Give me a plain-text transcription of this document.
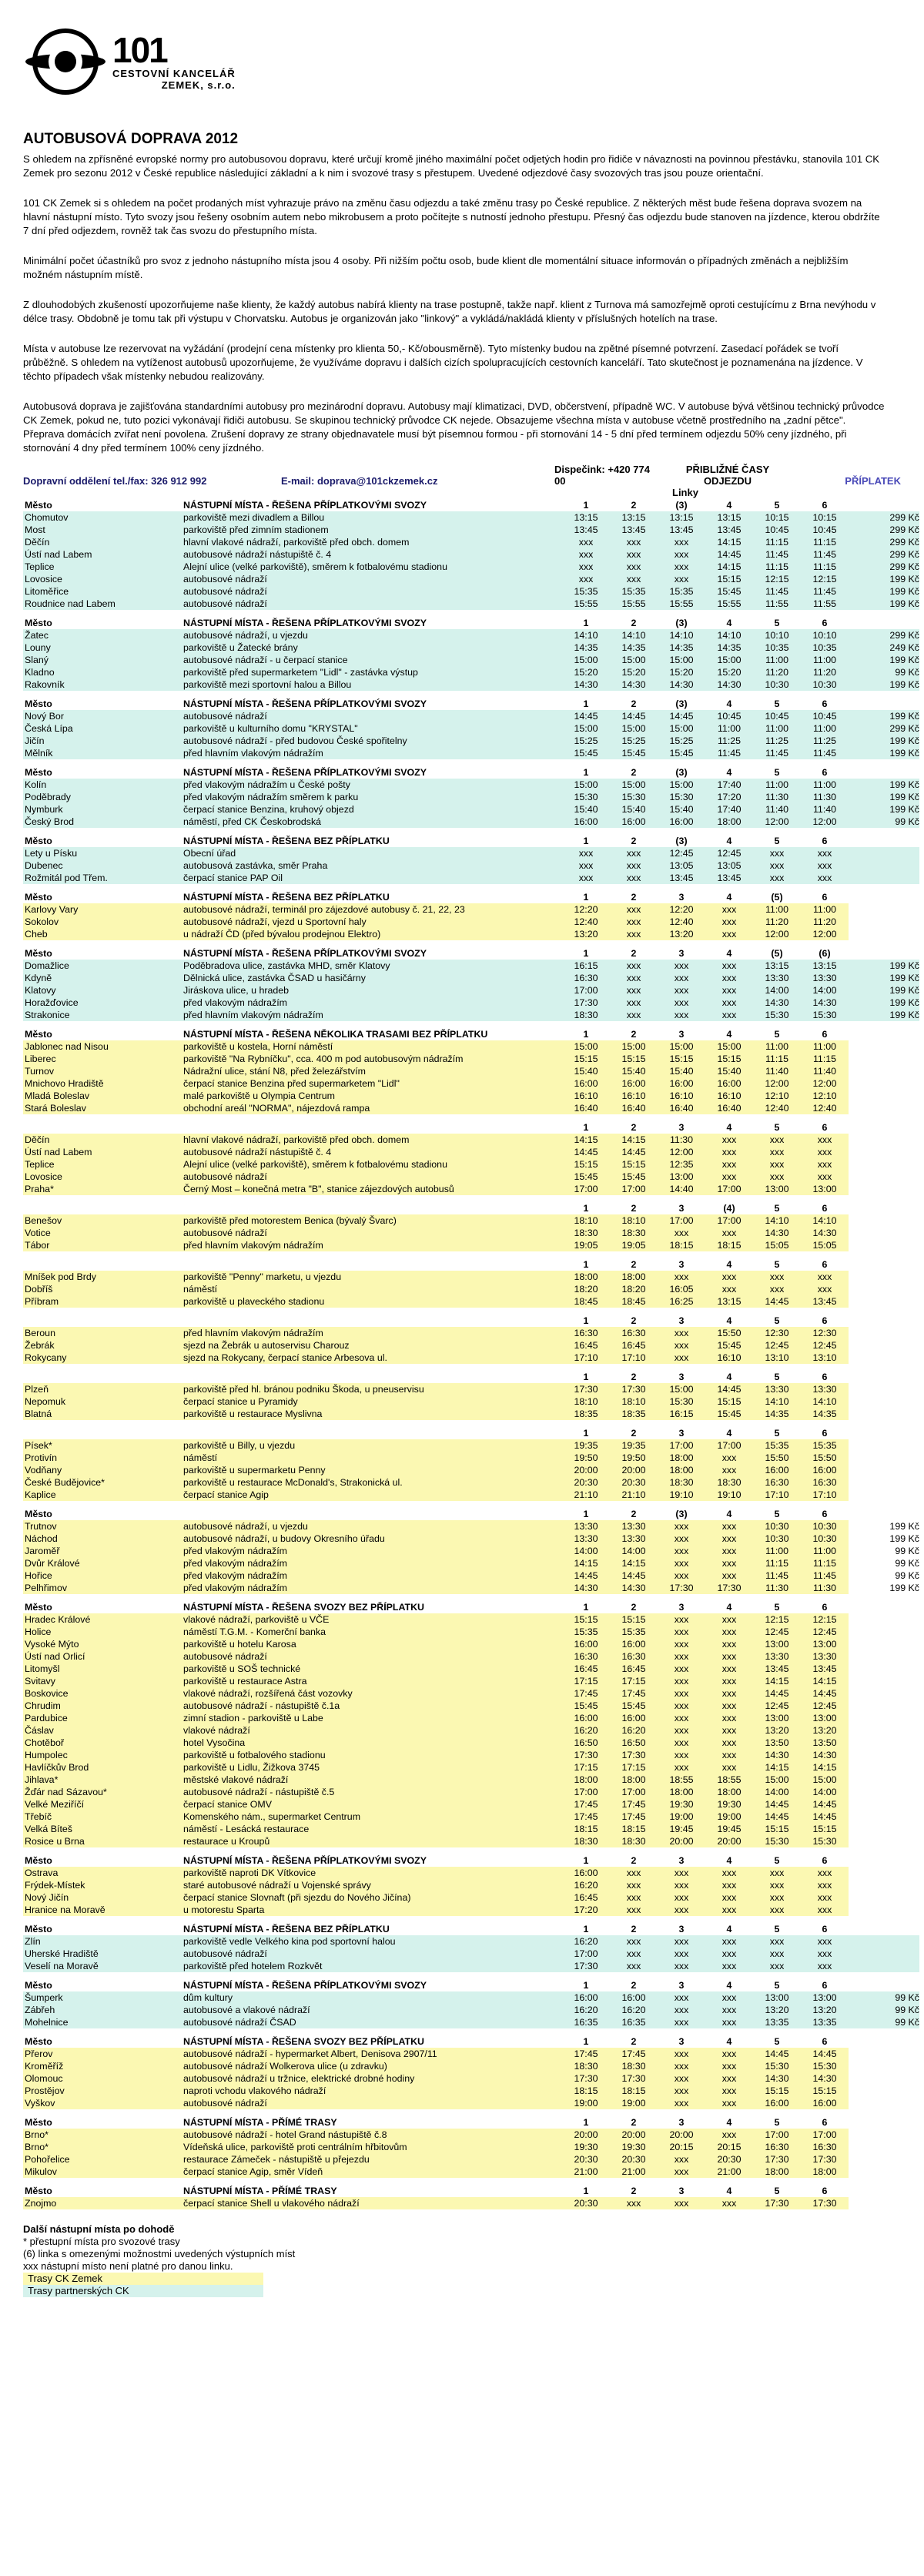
101
CESTOVNÍ KANCELÁŘ
ZEMEK, s.r.o.
AUTOBUSOVÁ DOPRAVA 2012

S ohledem na zpřísněné evropské normy pro autobusovou dopravu, které určují kromě jiného maximální počet odjetých hodin pro řidiče v návaznosti na povinnou přestávku, stanovila 101 CK Zemek pro sezonu 2012 v České republice následující základní a k nim i svozové trasy s přestupem. Uvedené odjezdové časy svozových tras jsou pouze orientační.

101 CK Zemek si s ohledem na počet prodaných míst vyhrazuje právo na změnu času odjezdu a také změnu trasy po České republice. Z některých měst bude řešena doprava svozem na hlavní nástupní místo. Tyto svozy jsou řešeny osobním autem nebo mikrobusem a proto počítejte s nutností jednoho přestupu. Přesný čas odjezdu bude stanoven na jízdence, kterou obdržíte 7 dní před odjezdem, rovněž tak čas svozu do přestupního místa.

Minimální počet účastníků pro svoz z jednoho nástupního místa jsou 4 osoby. Při nižším počtu osob, bude klient dle momentální situace informován o případných změnách a nejbližším možném nástupním místě.

Z dlouhodobých zkušeností upozorňujeme naše klienty, že každý autobus nabírá klienty na trase postupně, takže např. klient z Turnova má samozřejmě oproti cestujícímu z Brna nevýhodu v délce trasy. Obdobně je tomu tak při výstupu v Chorvatsku. Autobus je organizován jako "linkový" a vykládá/nakládá klienty v příslušných hotelích na trase.

Místa v autobuse lze rezervovat na vyžádání (prodejní cena místenky pro klienta 50,- Kč/obousměrně). Tyto místenky budou na zpětné písemné potvrzení. Zasedací pořádek se tvoří průběžně. S ohledem na vytíženost autobusů upozorňujeme, že využíváme dopravu i dalších cizích spolupracujících cestovních kanceláří. Tato skutečnost je poznamenána na jízdence. V těchto případech však místenky nebudou realizovány.

Autobusová doprava je zajišťována standardními autobusy pro mezinárodní dopravu. Autobusy mají klimatizaci, DVD, občerstvení, případně WC. V autobuse bývá většinou technický průvodce CK Zemek, pokud ne, tuto pozici vykonávají řidiči autobusu. Se skupinou technický průvodce CK nejede. Obsazujeme všechna místa v autobuse včetně prostředního na „zadní pětce". Přeprava domácích zvířat není povolena. Zrušení dopravy ze strany objednavatele musí být písemnou formou - při stornování 14 - 5 dní před termínem odjezdu 50% ceny jízdného, při stornování 4 dny před termínem 100% ceny jízdného.

Dopravní oddělení tel./fax: 326 912 992	E-mail: doprava@101ckzemek.cz
Dispečink: +420 774 00
PŘIBLIŽNÉ ČASY ODJEZDU	PŘÍPLATEK
Linky
Město	NÁSTUPNÍ MÍSTA - ŘEŠENA PŘÍPLATKOVÝMI SVOZY	1	2	(3)	4	5	6	
Chomutov	parkoviště mezi divadlem a Billou	13:15	13:15	13:15	13:15	10:15	10:15	299 Kč
Most	parkoviště před zimním stadionem	13:45	13:45	13:45	13:45	10:45	10:45	299 Kč
Děčín	hlavní vlakové nádraží, parkoviště před obch. domem	xxx	xxx	xxx	14:15	11:15	11:15	299 Kč
Ústí nad Labem	autobusové nádraží nástupiště č. 4	xxx	xxx	xxx	14:45	11:45	11:45	299 Kč
Teplice	Alejní ulice (velké parkoviště), směrem k fotbalovému stadionu	xxx	xxx	xxx	14:15	11:15	11:15	299 Kč
Lovosice	autobusové nádraží	xxx	xxx	xxx	15:15	12:15	12:15	199 Kč
Litoměřice	autobusové nádraží	15:35	15:35	15:35	15:45	11:45	11:45	199 Kč
Roudnice nad Labem	autobusové nádraží	15:55	15:55	15:55	15:55	11:55	11:55	199 Kč

Město	NÁSTUPNÍ MÍSTA - ŘEŠENA PŘÍPLATKOVÝMI SVOZY	1	2	(3)	4	5	6	
Žatec	autobusové nádraží, u vjezdu	14:10	14:10	14:10	14:10	10:10	10:10	299 Kč
Louny	parkoviště u Žatecké brány	14:35	14:35	14:35	14:35	10:35	10:35	249 Kč
Slaný	autobusové nádraží - u čerpací stanice	15:00	15:00	15:00	15:00	11:00	11:00	199 Kč
Kladno	parkoviště před supermarketem "Lidl" - zastávka výstup	15:20	15:20	15:20	15:20	11:20	11:20	99 Kč
Rakovník	parkoviště mezi sportovní halou a Billou	14:30	14:30	14:30	14:30	10:30	10:30	199 Kč

Město	NÁSTUPNÍ MÍSTA - ŘEŠENA PŘÍPLATKOVÝMI SVOZY	1	2	(3)	4	5	6	
Nový Bor	autobusové nádraží	14:45	14:45	14:45	10:45	10:45	10:45	199 Kč
Česká Lípa	parkoviště u kulturního domu "KRYSTAL"	15:00	15:00	15:00	11:00	11:00	11:00	299 Kč
Jičín	autobusové nádraží - před budovou České spořitelny	15:25	15:25	15:25	11:25	11:25	11:25	199 Kč
Mělník	před hlavním vlakovým nádražím	15:45	15:45	15:45	11:45	11:45	11:45	199 Kč

Město	NÁSTUPNÍ MÍSTA - ŘEŠENA PŘÍPLATKOVÝMI SVOZY	1	2	(3)	4	5	6	
Kolín	před vlakovým nádražím u České pošty	15:00	15:00	15:00	17:40	11:00	11:00	199 Kč
Poděbrady	před vlakovým nádražím směrem k parku	15:30	15:30	15:30	17:20	11:30	11:30	199 Kč
Nymburk	čerpací stanice Benzina, kruhový objezd	15:40	15:40	15:40	17:40	11:40	11:40	199 Kč
Český Brod	náměstí, před CK Českobrodská	16:00	16:00	16:00	18:00	12:00	12:00	99 Kč

Město	NÁSTUPNÍ MÍSTA - ŘEŠENA BEZ PŘÍPLATKU	1	2	(3)	4	5	6	
Lety u Písku	Obecní úřad	xxx	xxx	12:45	12:45	xxx	xxx	
Dubenec	autobusová zastávka, směr Praha	xxx	xxx	13:05	13:05	xxx	xxx	
Rožmitál pod Třem.	čerpací stanice PAP Oil	xxx	xxx	13:45	13:45	xxx	xxx	

Město	NÁSTUPNÍ MÍSTA - ŘEŠENA BEZ PŘÍPLATKU	1	2	3	4	(5)	6	
Karlovy Vary	autobusové nádraží, terminál pro zájezdové autobusy č. 21, 22, 23	12:20	xxx	12:20	xxx	11:00	11:00	
Sokolov	autobusové nádraží, vjezd u Sportovní haly	12:40	xxx	12:40	xxx	11:20	11:20	
Cheb	u nádraží ČD (před bývalou prodejnou Elektro)	13:20	xxx	13:20	xxx	12:00	12:00	

Město	NÁSTUPNÍ MÍSTA - ŘEŠENA PŘÍPLATKOVÝMI SVOZY	1	2	3	4	(5)	(6)	
Domažlice	Poděbradova ulice, zastávka MHD, směr Klatovy	16:15	xxx	xxx	xxx	13:15	13:15	199 Kč
Kdyně	Dělnická ulice, zastávka ČSAD u hasičárny	16:30	xxx	xxx	xxx	13:30	13:30	199 Kč
Klatovy	Jiráskova ulice, u hradeb	17:00	xxx	xxx	xxx	14:00	14:00	199 Kč
Horažďovice	před vlakovým nádražím	17:30	xxx	xxx	xxx	14:30	14:30	199 Kč
Strakonice	před hlavním vlakovým nádražím	18:30	xxx	xxx	xxx	15:30	15:30	199 Kč

Město	NÁSTUPNÍ MÍSTA - ŘEŠENA NĚKOLIKA TRASAMI BEZ PŘÍPLATKU	1	2	3	4	5	6	
Jablonec nad Nisou	parkoviště u kostela, Horní náměstí	15:00	15:00	15:00	15:00	11:00	11:00	
Liberec	parkoviště "Na Rybníčku", cca. 400 m pod autobusovým nádražím	15:15	15:15	15:15	15:15	11:15	11:15	
Turnov	Nádražní ulice, stání N8, před železářstvím	15:40	15:40	15:40	15:40	11:40	11:40	
Mnichovo Hradiště	čerpací stanice Benzina před supermarketem "Lidl"	16:00	16:00	16:00	16:00	12:00	12:00	
Mladá Boleslav	malé parkoviště u Olympia Centrum	16:10	16:10	16:10	16:10	12:10	12:10	
Stará Boleslav	obchodní areál "NORMA", nájezdová rampa	16:40	16:40	16:40	16:40	12:40	12:40	

		1	2	3	4	5	6	
Děčín	hlavní vlakové nádraží, parkoviště před obch. domem	14:15	14:15	11:30	xxx	xxx	xxx	
Ústí nad Labem	autobusové nádraží nástupiště č. 4	14:45	14:45	12:00	xxx	xxx	xxx	
Teplice	Alejní ulice (velké parkoviště), směrem k fotbalovému stadionu	15:15	15:15	12:35	xxx	xxx	xxx	
Lovosice	autobusové nádraží	15:45	15:45	13:00	xxx	xxx	xxx	
Praha*	Černý Most – konečná metra "B", stanice zájezdových autobusů	17:00	17:00	14:40	17:00	13:00	13:00	

		1	2	3	(4)	5	6	
Benešov	parkoviště před motorestem Benica (bývalý Švarc)	18:10	18:10	17:00	17:00	14:10	14:10	
Votice	autobusové nádraží	18:30	18:30	xxx	xxx	14:30	14:30	
Tábor	před hlavním vlakovým nádražím	19:05	19:05	18:15	18:15	15:05	15:05	

		1	2	3	4	5	6	
Mníšek pod Brdy	parkoviště "Penny" marketu, u vjezdu	18:00	18:00	xxx	xxx	xxx	xxx	
Dobříš	náměstí	18:20	18:20	16:05	xxx	xxx	xxx	
Příbram	parkoviště u plaveckého stadionu	18:45	18:45	16:25	13:15	14:45	13:45	

		1	2	3	4	5	6	
Beroun	před hlavním vlakovým nádražím	16:30	16:30	xxx	15:50	12:30	12:30	
Žebrák	sjezd na Žebrák u autoservisu Charouz	16:45	16:45	xxx	15:45	12:45	12:45	
Rokycany	sjezd na Rokycany, čerpací stanice Arbesova ul.	17:10	17:10	xxx	16:10	13:10	13:10	

		1	2	3	4	5	6	
Plzeň	parkoviště před hl. bránou podniku Škoda, u pneuservisu	17:30	17:30	15:00	14:45	13:30	13:30	
Nepomuk	čerpací stanice u Pyramidy	18:10	18:10	15:30	15:15	14:10	14:10	
Blatná	parkoviště u restaurace Myslivna	18:35	18:35	16:15	15:45	14:35	14:35	

		1	2	3	4	5	6	
Písek*	parkoviště u Billy, u vjezdu	19:35	19:35	17:00	17:00	15:35	15:35	
Protivín	náměstí	19:50	19:50	18:00	xxx	15:50	15:50	
Vodňany	parkoviště u supermarketu Penny	20:00	20:00	18:00	xxx	16:00	16:00	
České Budějovice*	parkoviště u restaurace McDonald's, Strakonická ul.	20:30	20:30	18:30	18:30	16:30	16:30	
Kaplice	čerpací stanice Agip	21:10	21:10	19:10	19:10	17:10	17:10	

Město		1	2	(3)	4	5	6	
Trutnov	autobusové nádraží, u vjezdu	13:30	13:30	xxx	xxx	10:30	10:30	199 Kč
Náchod	autobusové nádraží, u budovy Okresního úřadu	13:30	13:30	xxx	xxx	10:30	10:30	199 Kč
Jaroměř	před vlakovým nádražím	14:00	14:00	xxx	xxx	11:00	11:00	99 Kč
Dvůr Králové	před vlakovým nádražím	14:15	14:15	xxx	xxx	11:15	11:15	99 Kč
Hořice	před vlakovým nádražím	14:45	14:45	xxx	xxx	11:45	11:45	99 Kč
Pelhřimov	před vlakovým nádražím	14:30	14:30	17:30	17:30	11:30	11:30	199 Kč

Město	NÁSTUPNÍ MÍSTA - ŘEŠENA SVOZY BEZ PŘÍPLATKU	1	2	3	4	5	6	
Hradec Králové	vlakové nádraží, parkoviště u VČE	15:15	15:15	xxx	xxx	12:15	12:15	
Holice	náměstí T.G.M. - Komerční banka	15:35	15:35	xxx	xxx	12:45	12:45	
Vysoké Mýto	parkoviště u hotelu Karosa	16:00	16:00	xxx	xxx	13:00	13:00	
Ústí nad Orlicí	autobusové nádraží	16:30	16:30	xxx	xxx	13:30	13:30	
Litomyšl	parkoviště u SOŠ technické	16:45	16:45	xxx	xxx	13:45	13:45	
Svitavy	parkoviště u restaurace Astra	17:15	17:15	xxx	xxx	14:15	14:15	
Boskovice	vlakové nádraží, rozšířená část vozovky	17:45	17:45	xxx	xxx	14:45	14:45	
Chrudim	autobusové nádraží - nástupiště č.1a	15:45	15:45	xxx	xxx	12:45	12:45	
Pardubice	zimní stadion - parkoviště u Labe	16:00	16:00	xxx	xxx	13:00	13:00	
Čáslav	vlakové nádraží	16:20	16:20	xxx	xxx	13:20	13:20	
Chotěboř	hotel Vysočina	16:50	16:50	xxx	xxx	13:50	13:50	
Humpolec	parkoviště u fotbalového stadionu	17:30	17:30	xxx	xxx	14:30	14:30	
Havlíčkův Brod	parkoviště u Lidlu, Žižkova 3745	17:15	17:15	xxx	xxx	14:15	14:15	
Jihlava*	městské vlakové nádraží	18:00	18:00	18:55	18:55	15:00	15:00	
Žďár nad Sázavou*	autobusové nádraží - nástupiště č.5	17:00	17:00	18:00	18:00	14:00	14:00	
Velké Meziříčí	čerpací stanice OMV	17:45	17:45	19:30	19:30	14:45	14:45	
Třebíč	Komenského nám., supermarket Centrum	17:45	17:45	19:00	19:00	14:45	14:45	
Velká Bíteš	náměstí - Lesácká restaurace	18:15	18:15	19:45	19:45	15:15	15:15	
Rosice u Brna	restaurace u Kroupů	18:30	18:30	20:00	20:00	15:30	15:30	

Město	NÁSTUPNÍ MÍSTA - ŘEŠENA PŘÍPLATKOVÝMI SVOZY	1	2	3	4	5	6	
Ostrava	parkoviště naproti DK Vítkovice	16:00	xxx	xxx	xxx	xxx	xxx	
Frýdek-Místek	staré autobusové nádraží u Vojenské správy	16:20	xxx	xxx	xxx	xxx	xxx	
Nový Jičín	čerpací stanice Slovnaft (při sjezdu do Nového Jičína)	16:45	xxx	xxx	xxx	xxx	xxx	
Hranice na Moravě	u motorestu Sparta	17:20	xxx	xxx	xxx	xxx	xxx	

Město	NÁSTUPNÍ MÍSTA - ŘEŠENA BEZ PŘÍPLATKU	1	2	3	4	5	6	
Zlín	parkoviště vedle Velkého kina pod sportovní halou	16:20	xxx	xxx	xxx	xxx	xxx	
Uherské Hradiště	autobusové nádraží	17:00	xxx	xxx	xxx	xxx	xxx	
Veselí na Moravě	parkoviště před hotelem Rozkvět	17:30	xxx	xxx	xxx	xxx	xxx	

Město	NÁSTUPNÍ MÍSTA - ŘEŠENA PŘÍPLATKOVÝMI SVOZY	1	2	3	4	5	6	
Šumperk	dům kultury	16:00	16:00	xxx	xxx	13:00	13:00	99 Kč
Zábřeh	autobusové a vlakové nádraží	16:20	16:20	xxx	xxx	13:20	13:20	99 Kč
Mohelnice	autobusové nádraží ČSAD	16:35	16:35	xxx	xxx	13:35	13:35	99 Kč

Město	NÁSTUPNÍ MÍSTA - ŘEŠENA SVOZY BEZ PŘÍPLATKU	1	2	3	4	5	6	
Přerov	autobusové nádraží - hypermarket Albert, Denisova 2907/11	17:45	17:45	xxx	xxx	14:45	14:45	
Kroměříž	autobusové nádraží Wolkerova ulice (u zdravku)	18:30	18:30	xxx	xxx	15:30	15:30	
Olomouc	autobusové nádraží u tržnice, elektrické drobné hodiny	17:30	17:30	xxx	xxx	14:30	14:30	
Prostějov	naproti vchodu vlakového nádraží	18:15	18:15	xxx	xxx	15:15	15:15	
Vyškov	autobusové nádraží	19:00	19:00	xxx	xxx	16:00	16:00	

Město	NÁSTUPNÍ MÍSTA - PŘÍMÉ TRASY	1	2	3	4	5	6	
Brno*	autobusové nádraží - hotel Grand nástupiště č.8	20:00	20:00	20:00	xxx	17:00	17:00	
Brno*	Vídeňská ulice, parkoviště proti centrálním hřbitovům	19:30	19:30	20:15	20:15	16:30	16:30	
Pohořelice	restaurace Zámeček - nástupiště u přejezdu	20:30	20:30	xxx	20:30	17:30	17:30	
Mikulov	čerpací stanice Agip, směr Vídeň	21:00	21:00	xxx	21:00	18:00	18:00	

Město	NÁSTUPNÍ MÍSTA - PŘÍMÉ TRASY	1	2	3	4	5	6	
Znojmo	čerpací stanice Shell u vlakového nádraží	20:30	xxx	xxx	xxx	17:30	17:30	
Další nástupní místa po dohodě
* přestupní místa pro svozové trasy
(6) linka s omezenými možnostmi uvedených výstupních míst
xxx nástupní místo není platné pro danou linku.
Trasy CK Zemek
Trasy partnerských CK
